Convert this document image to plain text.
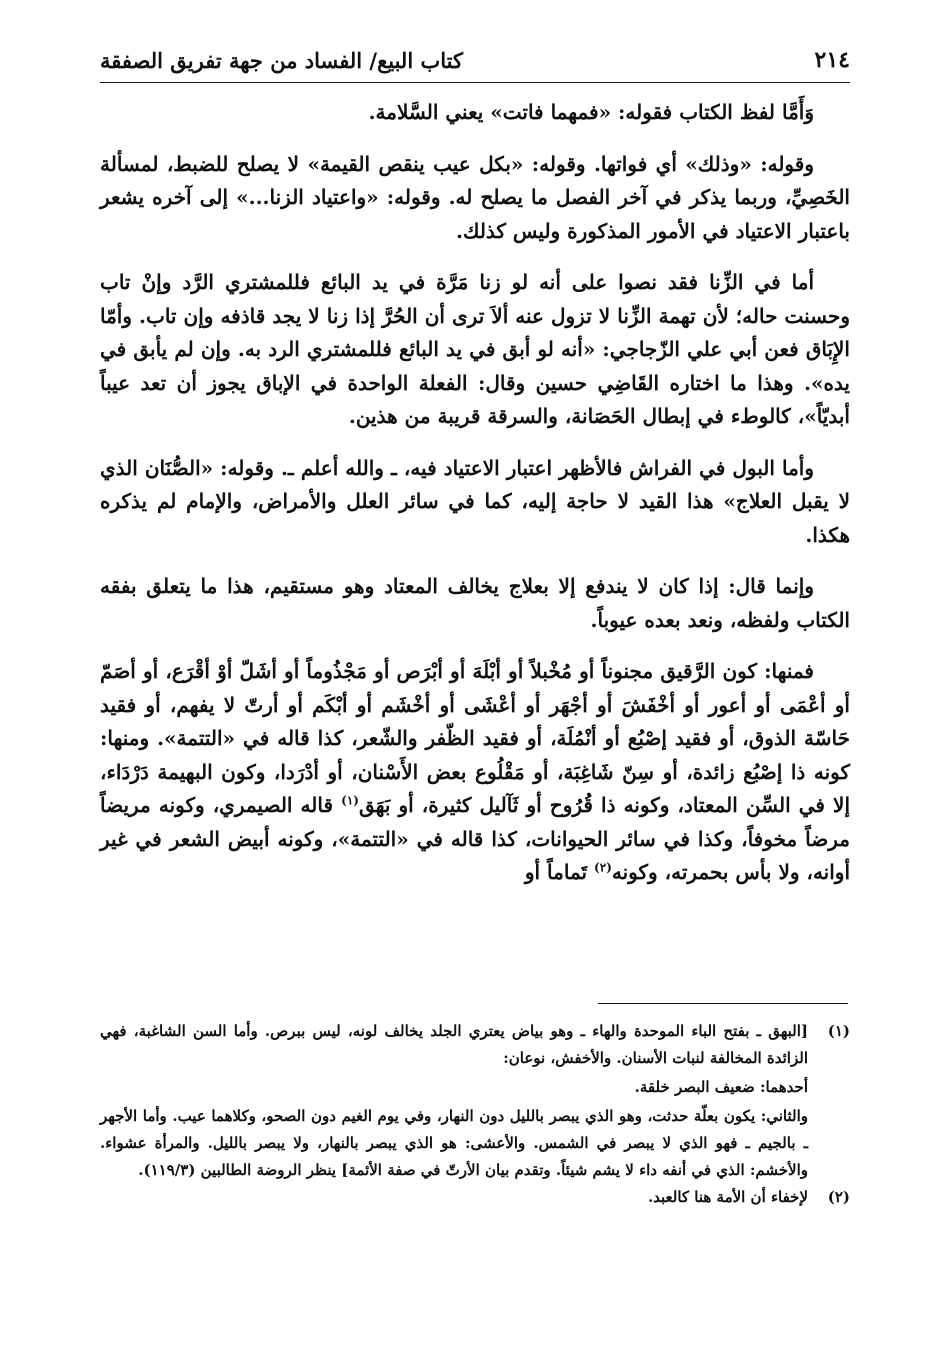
٢١٤
كتاب البيع/ الفساد من جهة تفريق الصفقة

وَأَمَّا لفظ الكتاب فقوله: «فمهما فاتت» يعني السَّلامة.

وقوله: «وذلك» أي فواتها. وقوله: «بكل عيب ينقص القيمة» لا يصلح للضبط، لمسألة الخَصِيِّ، وربما يذكر في آخر الفصل ما يصلح له. وقوله: «واعتياد الزنا...» إلى آخره يشعر باعتبار الاعتياد في الأمور المذكورة وليس كذلك.

أما في الزِّنا فقد نصوا على أنه لو زنا مَرَّة في يد البائع فللمشتري الرَّد وإنْ تاب وحسنت حاله؛ لأن تهمة الزِّنا لا تزول عنه ألاَ ترى أن الحُرَّ إذا زنا لا يجد قاذفه وإن تاب. وأمّا الإِبَاق فعن أبي علي الزّجاجي: «أنه لو أبق في يد البائع فللمشتري الرد به. وإن لم يأبق في يده». وهذا ما اختاره القَاضِي حسين وقال: الفعلة الواحدة في الإباق يجوز أن تعد عيباً أبديّاً»، كالوطء في إبطال الحَصَانة، والسرقة قريبة من هذين.

وأما البول في الفراش فالأظهر اعتبار الاعتياد فيه، ـ والله أعلم ـ. وقوله: «الصُّنَان الذي لا يقبل العلاج» هذا القيد لا حاجة إليه، كما في سائر العلل والأمراض، والإمام لم يذكره هكذا.

وإنما قال: إذا كان لا يندفع إلا بعلاج يخالف المعتاد وهو مستقيم، هذا ما يتعلق بفقه الكتاب ولفظه، ونعد بعده عيوباً.

فمنها: كون الرَّقيق مجنوناً أو مُخْبلاً أو أبْلَهَ أو أبْرَص أو مَجْذُوماً أو أشَلّ أوْ أقْرَع، أو أصَمّ أو أعْمَى أو أعور أو أخْفَشَ أو أجْهَر أو أعْشَى أو أخْشَم أو أبْكَم أو أرتّ لا يفهم، أو فقيد حَاسّة الذوق، أو فقيد إصْبُع أو أنْمُلَة، أو فقيد الظّفر والشّعر، كذا قاله في «التتمة». ومنها: كونه ذا إصْبُع زائدة، أو سِنّ شَاغِبَة، أو مَقْلُوع بعض الأَسْنان، أو أدْرَدا، وكون البهيمة دَرْدَاء، إلا في السِّن المعتاد، وكونه ذا قُرُوح أو ثَآليل كثيرة، أو بَهَق$^{(١)}$ قاله الصيمري، وكونه مريضاً مرضاً مخوفاً، وكذا في سائر الحيوانات، كذا قاله في «التتمة»، وكونه أبيض الشعر في غير أوانه، ولا بأس بحمرته، وكونه$^{(٢)}$ تَماماً أو

(١)
[البهق ـ بفتح الباء الموحدة والهاء ـ وهو بياض يعتري الجلد يخالف لونه، ليس ببرص. وأما السن الشاغبة، فهي الزائدة المخالفة لنبات الأسنان. والأخفش، نوعان:
أحدهما: ضعيف البصر خلقة.
والثاني: يكون بعلّة حدثت، وهو الذي يبصر بالليل دون النهار، وفي يوم الغيم دون الصحو، وكلاهما عيب. وأما الأجهر ـ بالجيم ـ فهو الذي لا يبصر في الشمس. والأعشى: هو الذي يبصر بالنهار، ولا يبصر بالليل. والمرأة عشواء. والأخشم: الذي في أنفه داء لا يشم شيئاً. وتقدم بيان الأرتّ في صفة الأئمة] ينظر الروضة الطالبين (١١٩/٣).
(٢)
لإخفاء أن الأمة هنا كالعبد.
